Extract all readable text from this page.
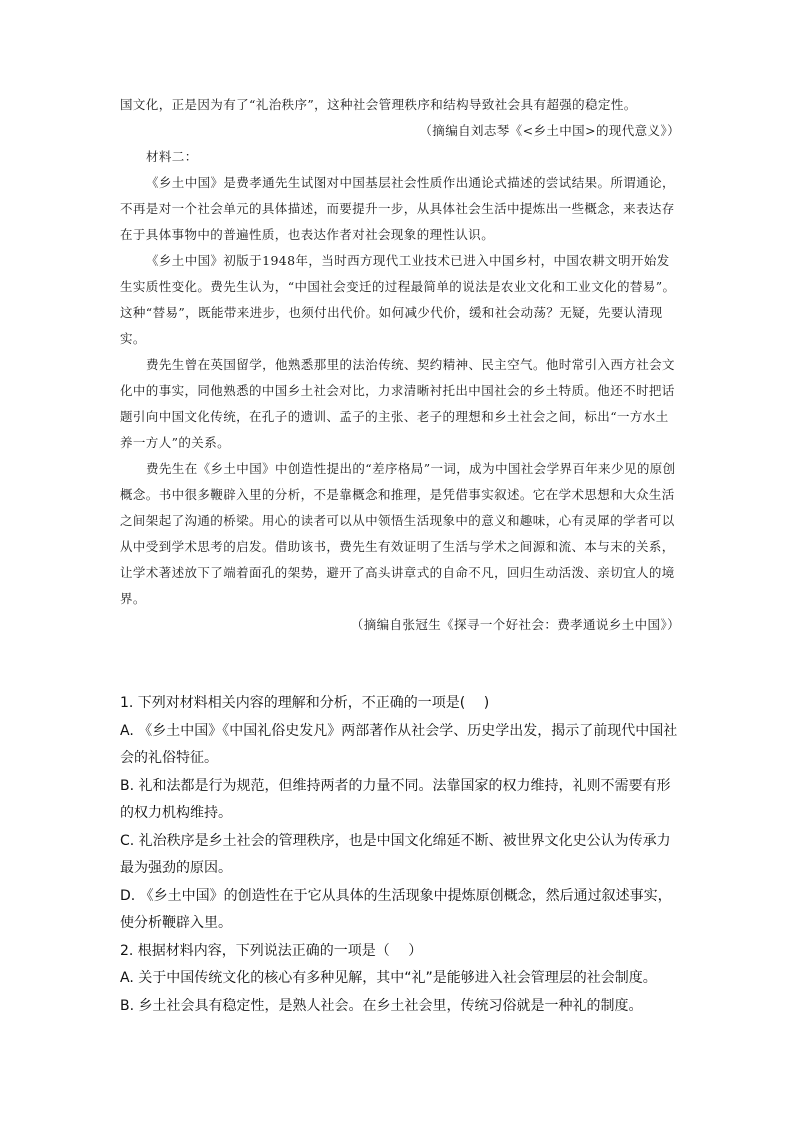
国文化，正是因为有了“礼治秩序”，这种社会管理秩序和结构导致社会具有超强的稳定性。

（摘编自刘志琴《<乡土中国>的现代意义》）

材料二：

《乡土中国》是费孝通先生试图对中国基层社会性质作出通论式描述的尝试结果。所谓通论，不再是对一个社会单元的具体描述，而要提升一步，从具体社会生活中提炼出一些概念，来表达存在于具体事物中的普遍性质，也表达作者对社会现象的理性认识。

《乡土中国》初版于1948年，当时西方现代工业技术已进入中国乡村，中国农耕文明开始发生实质性变化。费先生认为，“中国社会变迁的过程最简单的说法是农业文化和工业文化的替易”。这种“替易”，既能带来进步，也须付出代价。如何减少代价，缓和社会动荡？无疑，先要认清现实。

费先生曾在英国留学，他熟悉那里的法治传统、契约精神、民主空气。他时常引入西方社会文化中的事实，同他熟悉的中国乡土社会对比，力求清晰衬托出中国社会的乡土特质。他还不时把话题引向中国文化传统，在孔子的遗训、孟子的主张、老子的理想和乡土社会之间，标出“一方水土养一方人”的关系。

费先生在《乡土中国》中创造性提出的“差序格局”一词，成为中国社会学界百年来少见的原创概念。书中很多鞭辟入里的分析，不是靠概念和推理，是凭借事实叙述。它在学术思想和大众生活之间架起了沟通的桥梁。用心的读者可以从中领悟生活现象中的意义和趣味，心有灵犀的学者可以从中受到学术思考的启发。借助该书，费先生有效证明了生活与学术之间源和流、本与末的关系，让学术著述放下了端着面孔的架势，避开了高头讲章式的自命不凡，回归生动活泼、亲切宜人的境界。

（摘编自张冠生《探寻一个好社会：费孝通说乡土中国》）

1. 下列对材料相关内容的理解和分析，不正确的一项是(　 )

A. 《乡土中国》《中国礼俗史发凡》两部著作从社会学、历史学出发，揭示了前现代中国社会的礼俗特征。

B. 礼和法都是行为规范，但维持两者的力量不同。法靠国家的权力维持，礼则不需要有形的权力机构维持。

C. 礼治秩序是乡土社会的管理秩序，也是中国文化绵延不断、被世界文化史公认为传承力最为强劲的原因。

D. 《乡土中国》的创造性在于它从具体的生活现象中提炼原创概念，然后通过叙述事实，使分析鞭辟入里。

2. 根据材料内容，下列说法正确的一项是（　 ）

A. 关于中国传统文化的核心有多种见解，其中“礼”是能够进入社会管理层的社会制度。

B. 乡土社会具有稳定性，是熟人社会。在乡土社会里，传统习俗就是一种礼的制度。
